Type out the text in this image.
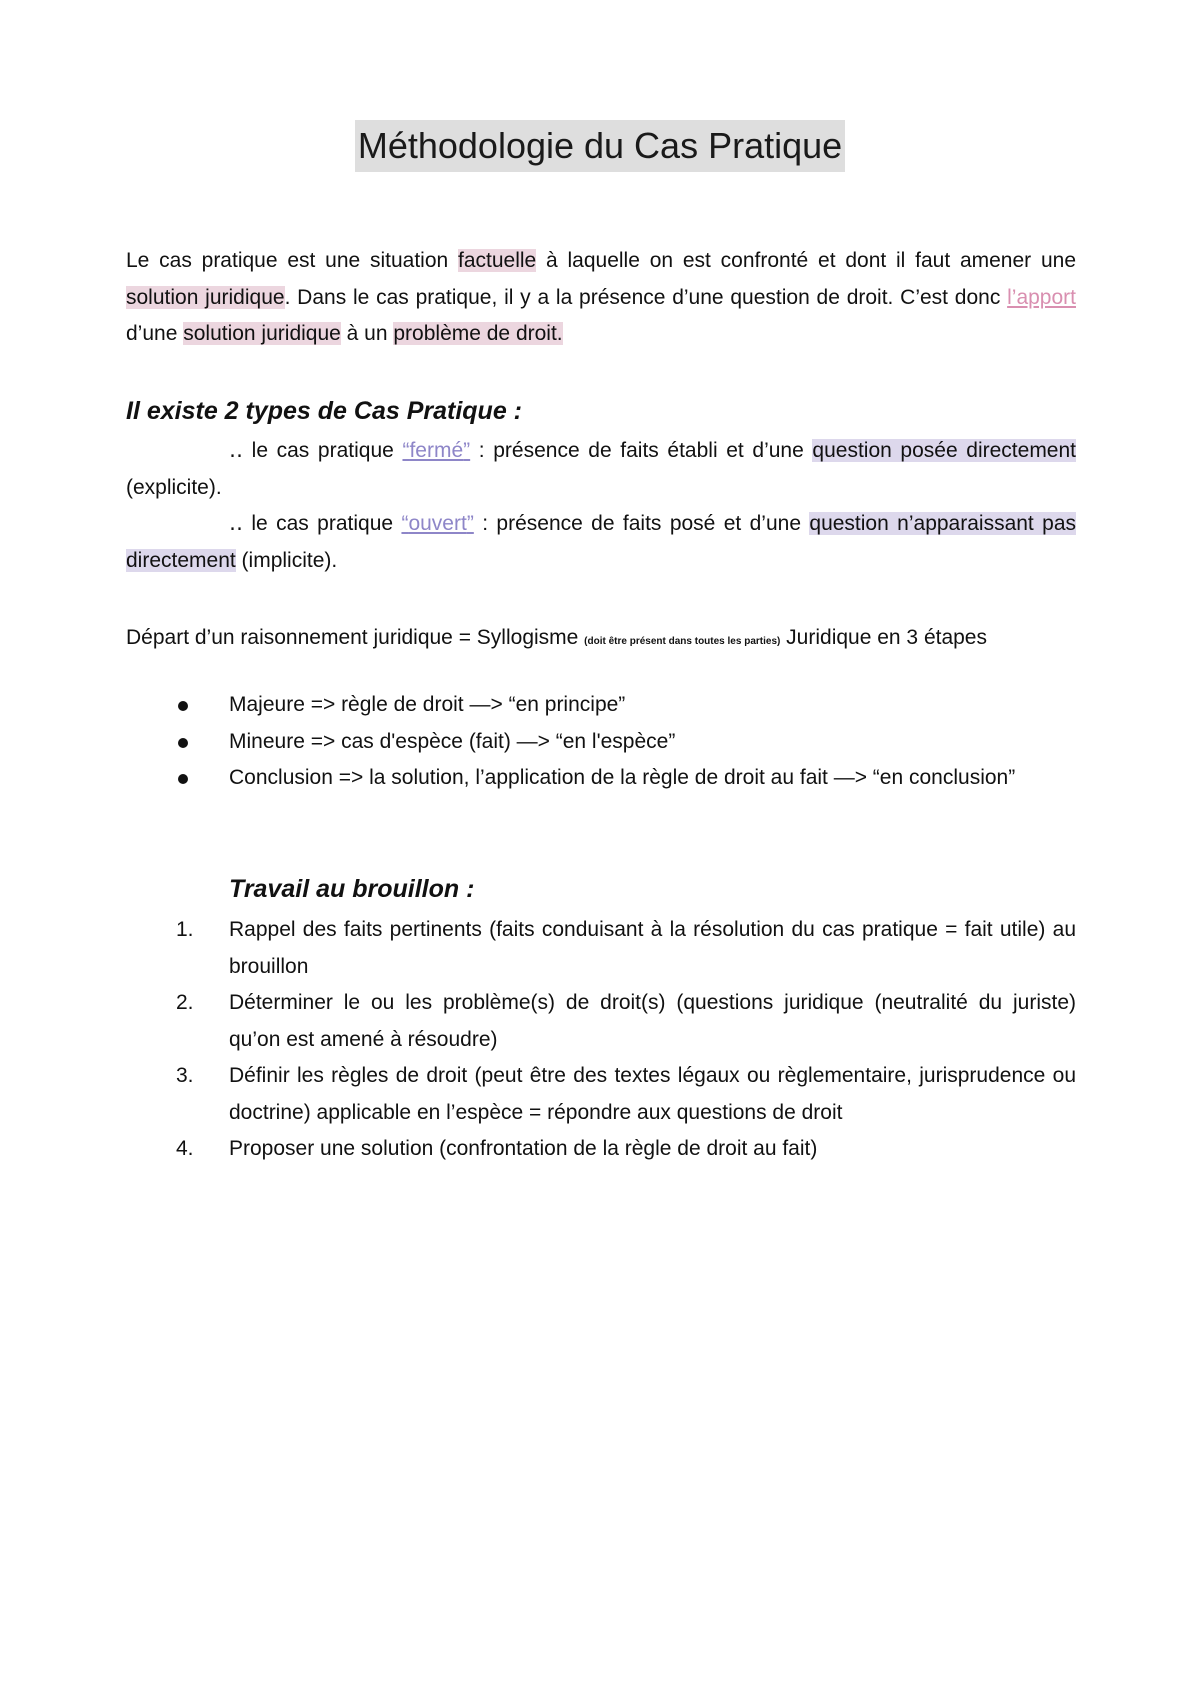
Méthodologie du Cas Pratique
Le cas pratique est une situation factuelle à laquelle on est confronté et dont il faut amener une solution juridique. Dans le cas pratique, il y a la présence d’une question de droit. C’est donc l’apport d’une solution juridique à un problème de droit.
Il existe 2 types de Cas Pratique :
‥ le cas pratique “fermé” : présence de faits établi et d’une question posée directement (explicite).
‥ le cas pratique “ouvert” : présence de faits posé et d’une question n’apparaissant pas directement (implicite).
Départ d’un raisonnement juridique = Syllogisme (doit être présent dans toutes les parties) Juridique en 3 étapes
Majeure => règle de droit —> “en principe”
Mineure => cas d'espèce (fait) —> “en l'espèce”
Conclusion => la solution, l’application de la règle de droit au fait —> “en conclusion”
Travail au brouillon :
1.	Rappel des faits pertinents (faits conduisant à la résolution du cas pratique = fait utile) au brouillon
2.	Déterminer le ou les problème(s) de droit(s) (questions juridique (neutralité du juriste) qu’on est amené à résoudre)
3.	Définir les règles de droit (peut être des textes légaux ou règlementaire, jurisprudence ou doctrine) applicable en l’espèce = répondre aux questions de droit
4.	Proposer une solution (confrontation de la règle de droit au fait)
